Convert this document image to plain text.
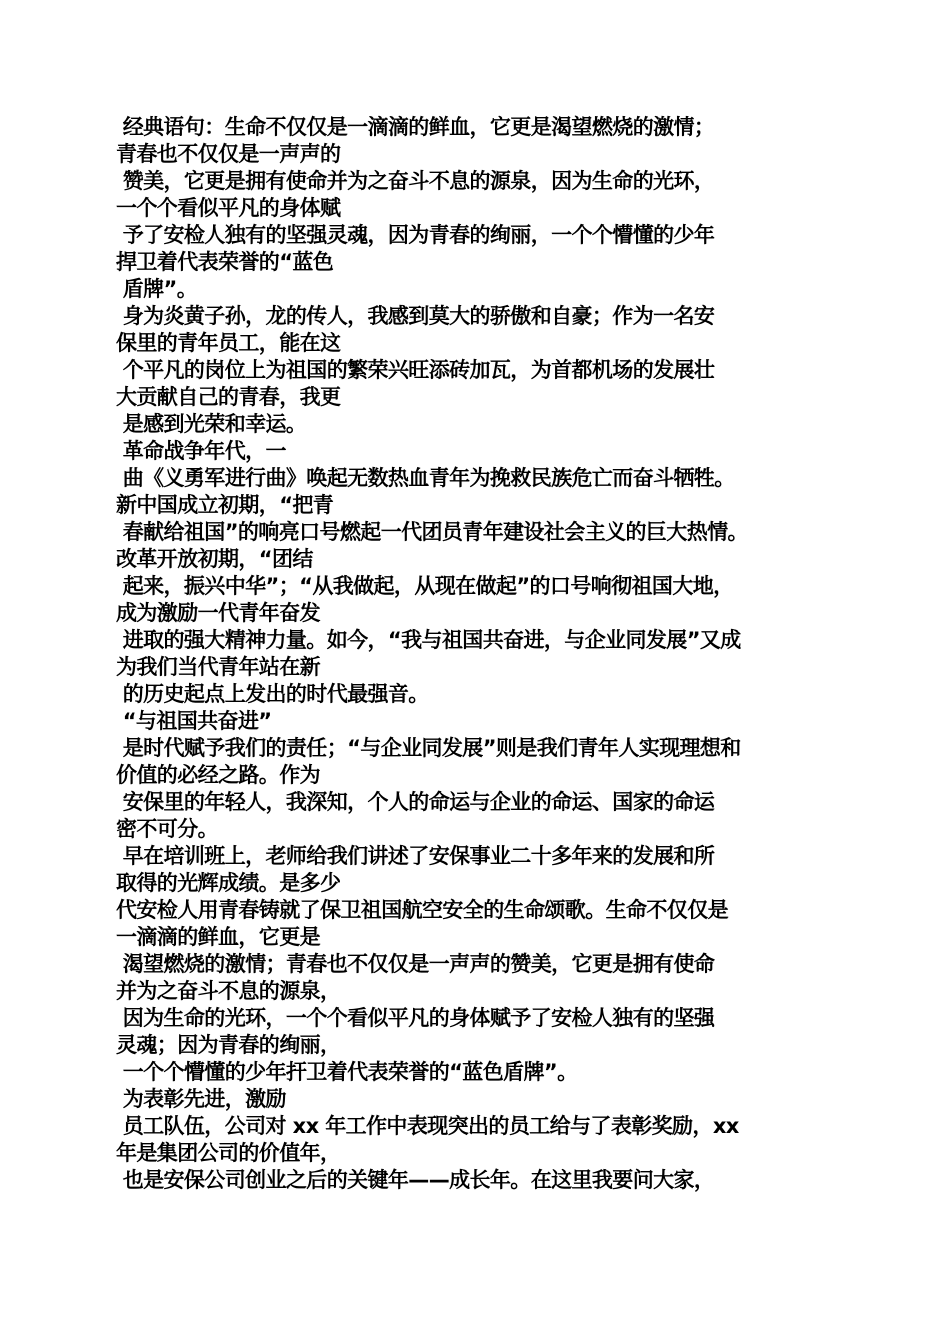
经典语句：生命不仅仅是一滴滴的鲜血，它更是渴望燃烧的激情；
青春也不仅仅是一声声的
赞美，它更是拥有使命并为之奋斗不息的源泉，因为生命的光环，
一个个看似平凡的身体赋
予了安检人独有的坚强灵魂，因为青春的绚丽，一个个懵懂的少年
捍卫着代表荣誉的“蓝色
盾牌”。
身为炎黄子孙，龙的传人，我感到莫大的骄傲和自豪；作为一名安
保里的青年员工，能在这
个平凡的岗位上为祖国的繁荣兴旺添砖加瓦，为首都机场的发展壮
大贡献自己的青春，我更
是感到光荣和幸运。
革命战争年代，一
曲《义勇军进行曲》唤起无数热血青年为挽救民族危亡而奋斗牺牲。
新中国成立初期，“把青
春献给祖国”的响亮口号燃起一代团员青年建设社会主义的巨大热情。
改革开放初期，“团结
起来，振兴中华”；“从我做起，从现在做起”的口号响彻祖国大地，
成为激励一代青年奋发
进取的强大精神力量。如今，“我与祖国共奋进，与企业同发展”又成
为我们当代青年站在新
的历史起点上发出的时代最强音。
“与祖国共奋进”
是时代赋予我们的责任；“与企业同发展”则是我们青年人实现理想和
价值的必经之路。作为
安保里的年轻人，我深知，个人的命运与企业的命运、国家的命运
密不可分。
早在培训班上，老师给我们讲述了安保事业二十多年来的发展和所
取得的光辉成绩。是多少
代安检人用青春铸就了保卫祖国航空安全的生命颂歌。生命不仅仅是
一滴滴的鲜血，它更是
渴望燃烧的激情；青春也不仅仅是一声声的赞美，它更是拥有使命
并为之奋斗不息的源泉，
因为生命的光环，一个个看似平凡的身体赋予了安检人独有的坚强
灵魂；因为青春的绚丽，
一个个懵懂的少年扞卫着代表荣誉的“蓝色盾牌”。
为表彰先进，激励
员工队伍，公司对 xx 年工作中表现突出的员工给与了表彰奖励，xx
年是集团公司的价值年，
也是安保公司创业之后的关键年——成长年。在这里我要问大家，
